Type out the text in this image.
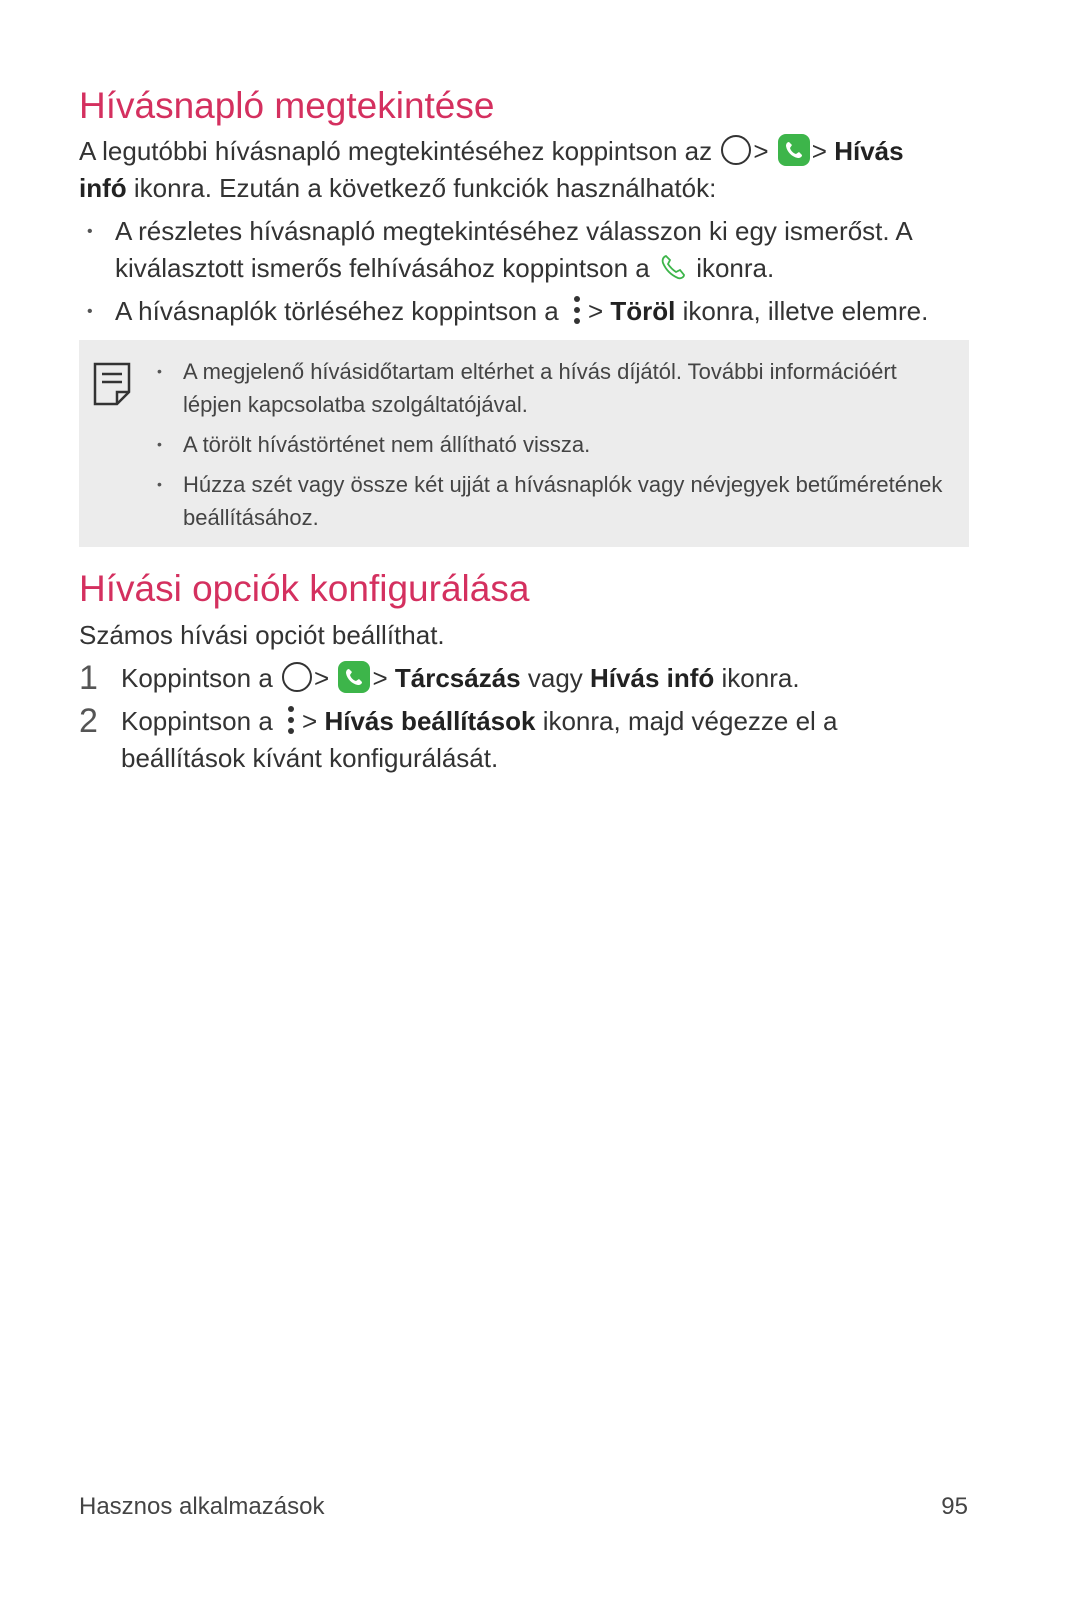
Hívásnapló megtekintése

A legutóbbi hívásnapló megtekintéséhez koppintson az > > Hívás
infó ikonra. Ezután a következő funkciók használhatók:

• A részletes hívásnapló megtekintéséhez válasszon ki egy ismerőst. A
kiválasztott ismerős felhívásához koppintson a ikonra.
• A hívásnaplók törléséhez koppintson a > Töröl ikonra, illetve elemre.
• A megjelenő hívásidőtartam eltérhet a hívás díjától. További információért lépjen kapcsolatba szolgáltatójával.
• A törölt hívástörténet nem állítható vissza.
• Húzza szét vagy össze két ujját a hívásnaplók vagy névjegyek betűméretének beállításához.
Hívási opciók konfigurálása

Számos hívási opciót beállíthat.

1 Koppintson a > > Tárcsázás vagy Hívás infó ikonra.
2 Koppintson a > Hívás beállítások ikonra, majd végezze el a beállítások kívánt konfigurálását.
Hasznos alkalmazások	95
